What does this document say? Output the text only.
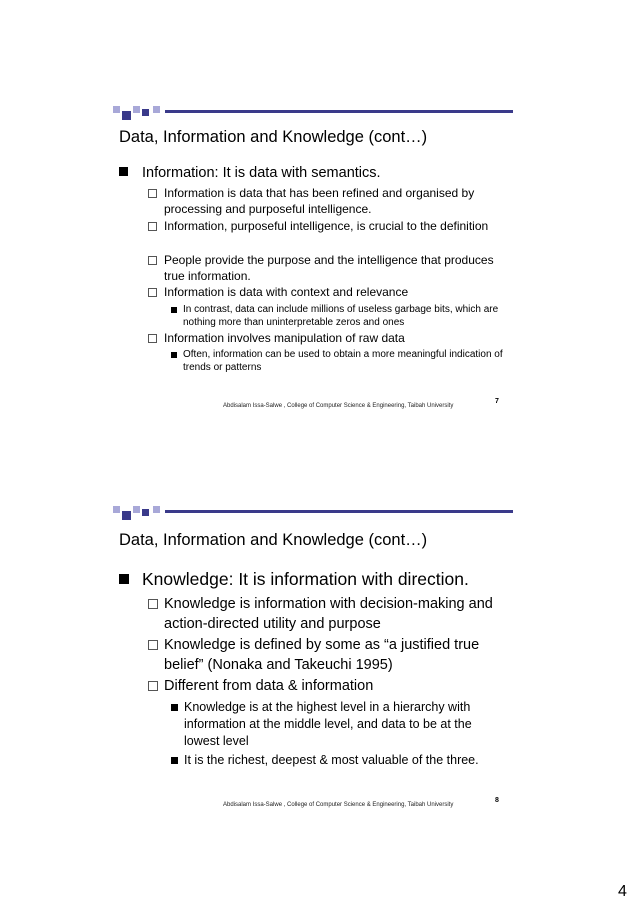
Data, Information and Knowledge (cont…)
Information: It is data with semantics.
Information is data that has been refined and organised by processing and purposeful intelligence.
Information, purposeful intelligence, is crucial to the definition
People provide the purpose and the intelligence that produces true information.
Information is data with context and relevance
In contrast, data can include millions of useless garbage bits, which are nothing more than uninterpretable zeros and ones
Information involves manipulation of raw data
Often, information can be used to obtain a more meaningful indication of trends or patterns
Abdisalam Issa-Salwe , College of Computer Science & Engineering, Taibah University
7
Data, Information and Knowledge (cont…)
Knowledge: It is information with direction.
Knowledge is information with decision-making and action-directed utility and purpose
Knowledge is defined by some as “a justified true belief” (Nonaka and Takeuchi 1995)
Different from data & information
Knowledge is at the highest level in a hierarchy with information at the middle level, and data to be at the lowest level
It is the richest, deepest & most valuable of the three.
Abdisalam Issa-Salwe , College of Computer Science & Engineering, Taibah University
8
4
